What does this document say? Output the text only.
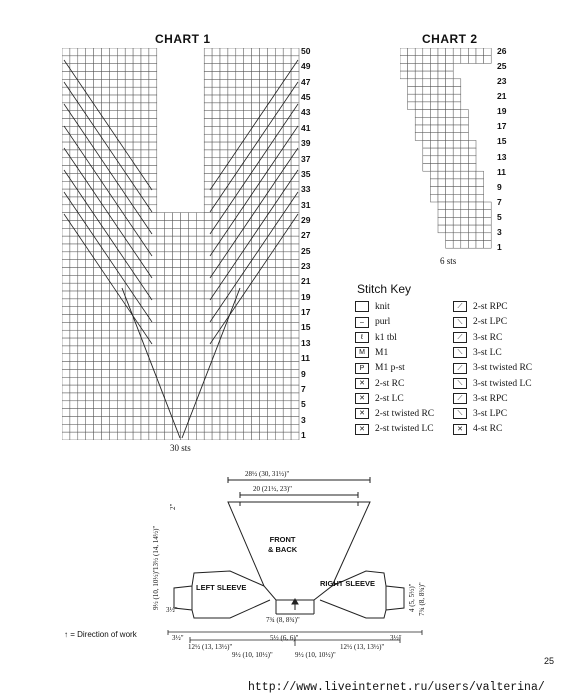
CHART 1
50
49
47
45
43
41
39
37
35
33
31
29
27
25
23
21
19
17
15
13
11
9
7
5
3
1
30 sts
CHART 2
26
25
23
21
19
17
15
13
11
9
7
5
3
1
6 sts
Stitch Key
knit
– purl
ℓ k1 tbl
M M1
P M1 p-st
✕ 2-st RC
✕ 2-st LC
✕ 2-st twisted RC
✕ 2-st twisted LC
⟋ 2-st RPC
⟍ 2-st LPC
⟋ 3-st RC
⟍ 3-st LC
⟋ 3-st twisted RC
⟍ 3-st twisted LC
⟋ 3-st RPC
⟍ 3-st LPC
✕ 4-st RC
28½ (30, 31½)"
20 (21½, 23)"
FRONT
& BACK
LEFT SLEEVE	RIGHT SLEEVE
2"
13½ (14, 14½)"
9½ (10, 10½)" 3½"	4 (5, 5½)" 7¾ (8, 8¾)"
7¾ (8, 8¾)"
3½"	5½ (6, 6)"	3½"
12½ (13, 13½)"	12½ (13, 13½)"
9½ (10, 10½)"	9½ (10, 10½)"
↑ = Direction of work
25
http://www.liveinternet.ru/users/valterina/
